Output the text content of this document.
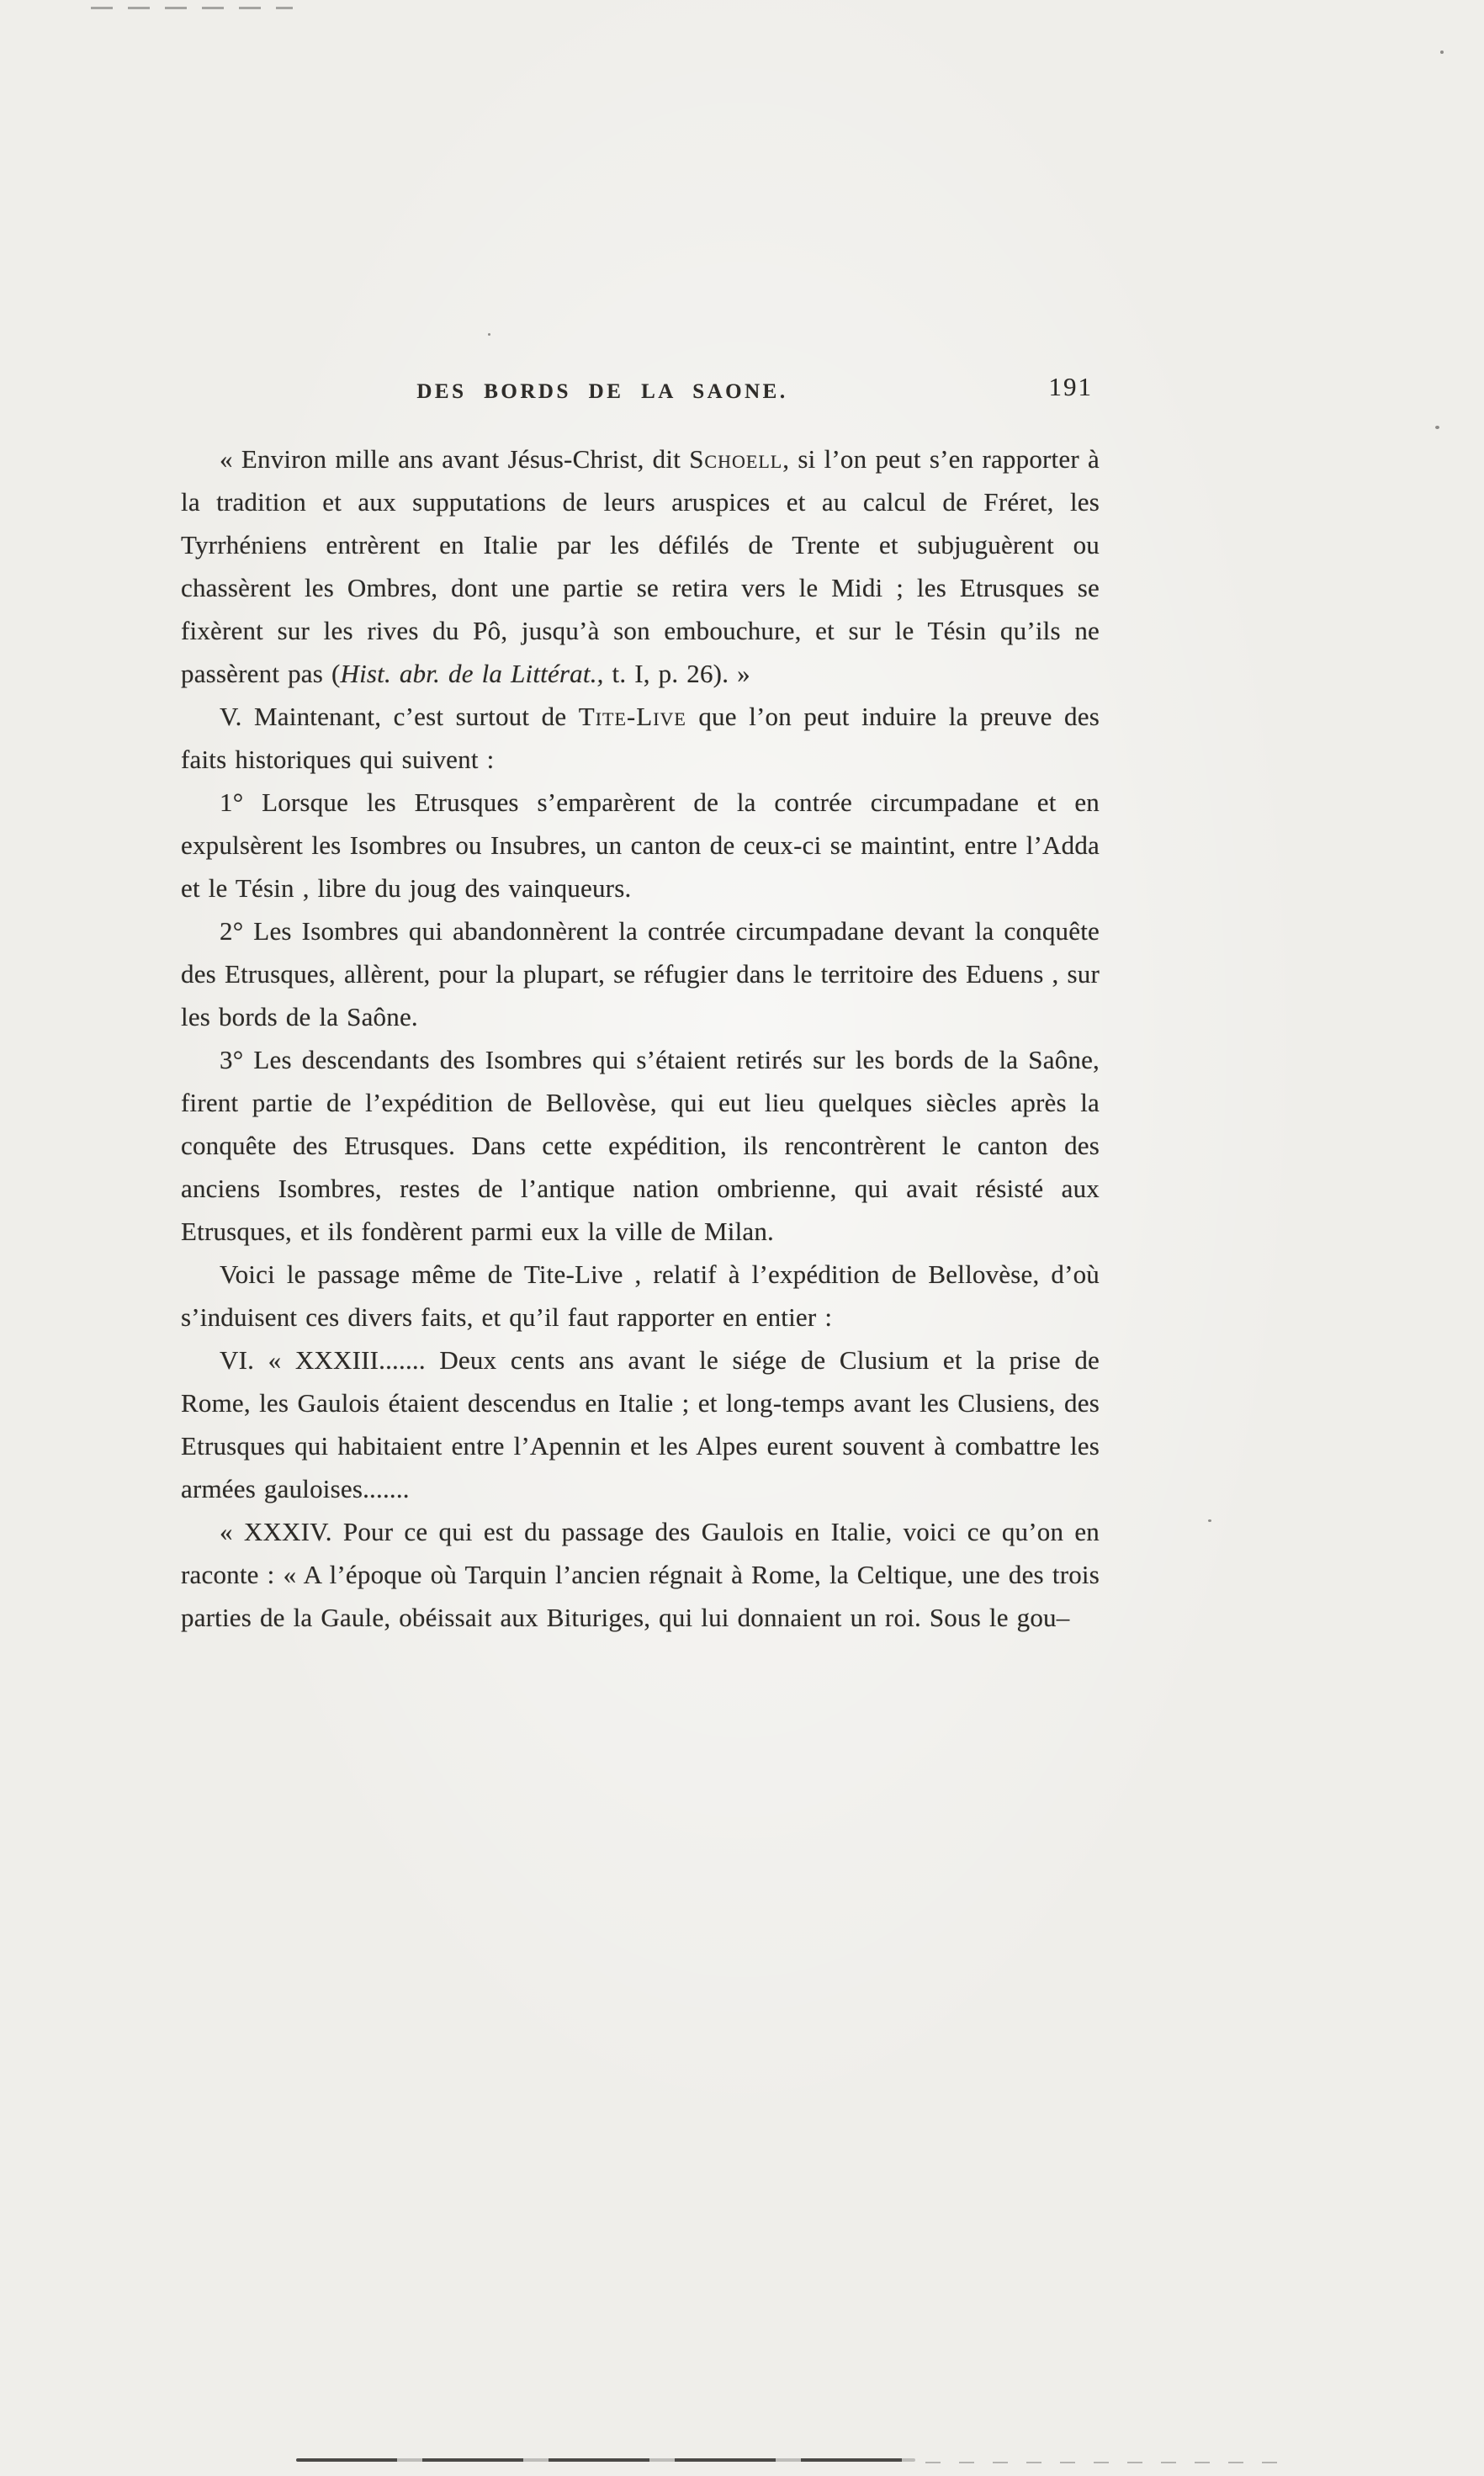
DES BORDS DE LA SAONE.	191

« Environ mille ans avant Jésus-Christ, dit Schoell, si l’on peut s’en rapporter à la tradition et aux supputations de leurs aruspices et au calcul de Fréret, les Tyrrhéniens entrèrent en Italie par les défilés de Trente et subjuguèrent ou chassèrent les Ombres, dont une partie se retira vers le Midi ; les Etrusques se fixèrent sur les rives du Pô, jusqu’à son embouchure, et sur le Tésin qu’ils ne passèrent pas (Hist. abr. de la Littérat., t. I, p. 26). »

V. Maintenant, c’est surtout de Tite-Live que l’on peut induire la preuve des faits historiques qui suivent :

1° Lorsque les Etrusques s’emparèrent de la contrée circumpadane et en expulsèrent les Isombres ou Insubres, un canton de ceux-ci se maintint, entre l’Adda et le Tésin , libre du joug des vainqueurs.

2° Les Isombres qui abandonnèrent la contrée circumpadane devant la conquête des Etrusques, allèrent, pour la plupart, se réfugier dans le territoire des Eduens , sur les bords de la Saône.

3° Les descendants des Isombres qui s’étaient retirés sur les bords de la Saône, firent partie de l’expédition de Bellovèse, qui eut lieu quelques siècles après la conquête des Etrusques. Dans cette expédition, ils rencontrèrent le canton des anciens Isombres, restes de l’antique nation ombrienne, qui avait résisté aux Etrusques, et ils fondèrent parmi eux la ville de Milan.

Voici le passage même de Tite-Live , relatif à l’expédition de Bellovèse, d’où s’induisent ces divers faits, et qu’il faut rapporter en entier :

VI. « XXXIII....... Deux cents ans avant le siége de Clusium et la prise de Rome, les Gaulois étaient descendus en Italie ; et long-temps avant les Clusiens, des Etrusques qui habitaient entre l’Apennin et les Alpes eurent souvent à combattre les armées gauloises.......

« XXXIV. Pour ce qui est du passage des Gaulois en Italie, voici ce qu’on en raconte : « A l’époque où Tarquin l’ancien régnait à Rome, la Celtique, une des trois parties de la Gaule, obéissait aux Bituriges, qui lui donnaient un roi. Sous le gou–
